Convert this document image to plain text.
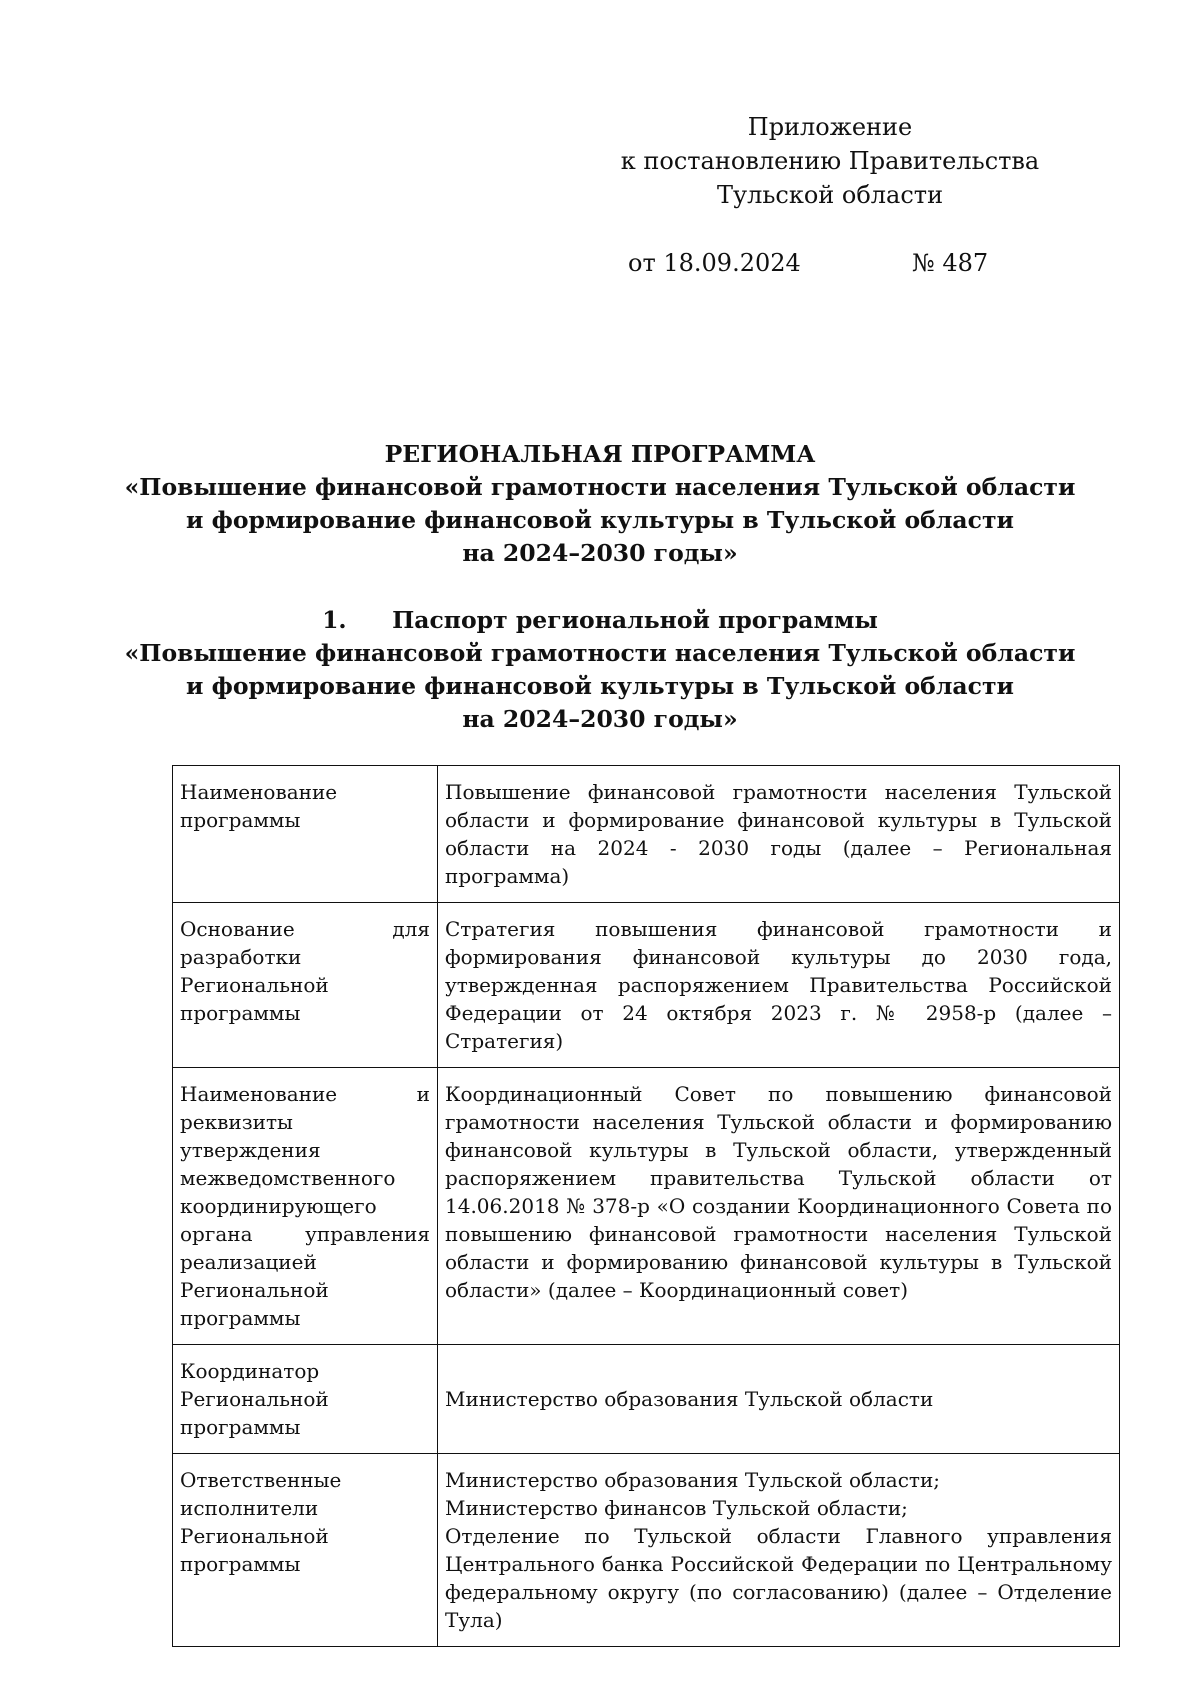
Приложение
к постановлению Правительства
Тульской области
от 18.09.2024	№ 487
РЕГИОНАЛЬНАЯ ПРОГРАММА
«Повышение финансовой грамотности населения Тульской области
и формирование финансовой культуры в Тульской области
на 2024–2030 годы»
1. Паспорт региональной программы
«Повышение финансовой грамотности населения Тульской области
и формирование финансовой культуры в Тульской области
на 2024–2030 годы»
Наименование программы	Повышение финансовой грамотности населения Тульской области и формирование финансовой культуры в Тульской области на 2024 - 2030 годы (далее – Региональная программа)
Основание для разработки Региональной программы	Стратегия повышения финансовой грамотности и формирования финансовой культуры до 2030 года, утвержденная распоряжением Правительства Российской Федерации от 24 октября 2023 г. № 2958-р (далее – Стратегия)
Наименование и реквизиты утверждения межведомственного координирующего органа управления реализацией Региональной программы	Координационный Совет по повышению финансовой грамотности населения Тульской области и формированию финансовой культуры в Тульской области, утвержденный распоряжением правительства Тульской области от 14.06.2018 № 378-р «О создании Координационного Совета по повышению финансовой грамотности населения Тульской области и формированию финансовой культуры в Тульской области» (далее – Координационный совет)
Координатор Региональной программы	Министерство образования Тульской области
Ответственные исполнители Региональной программы	Министерство образования Тульской области;
Министерство финансов Тульской области;
Отделение по Тульской области Главного управления Центрального банка Российской Федерации по Центральному федеральному округу (по согласованию) (далее – Отделение Тула)
